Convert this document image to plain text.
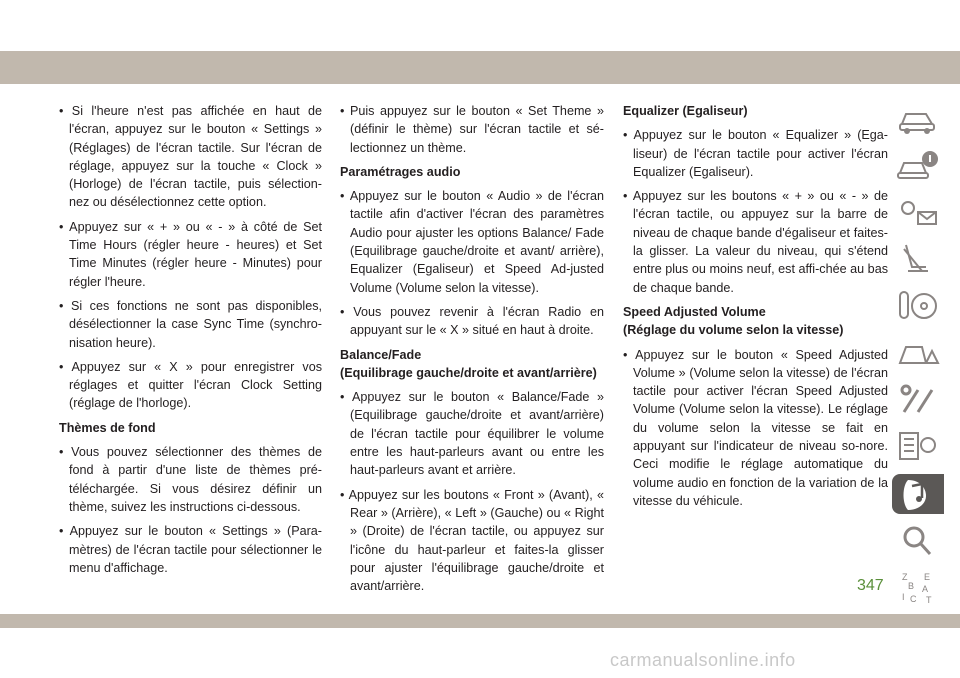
• Si l'heure n'est pas affichée en haut de l'écran, appuyez sur le bouton « Settings » (Réglages) de l'écran tactile. Sur l'écran de réglage, appuyez sur la touche « Clock » (Horloge) de l'écran tactile, puis sélection-nez ou désélectionnez cette option.

• Appuyez sur « + » ou « - » à côté de Set Time Hours (régler heure - heures) et Set Time Minutes (régler heure - Minutes) pour régler l'heure.

• Si ces fonctions ne sont pas disponibles, désélectionner la case Sync Time (synchro-nisation heure).

• Appuyez sur « X » pour enregistrer vos réglages et quitter l'écran Clock Setting (réglage de l'horloge).

Thèmes de fond

• Vous pouvez sélectionner des thèmes de fond à partir d'une liste de thèmes pré-téléchargée. Si vous désirez définir un thème, suivez les instructions ci-dessous.

• Appuyez sur le bouton « Settings » (Para-mètres) de l'écran tactile pour sélectionner le menu d'affichage.

• Puis appuyez sur le bouton « Set Theme » (définir le thème) sur l'écran tactile et sé-lectionnez un thème.

Paramétrages audio

• Appuyez sur le bouton « Audio » de l'écran tactile afin d'activer l'écran des paramètres Audio pour ajuster les options Balance/ Fade (Equilibrage gauche/droite et avant/ arrière), Equalizer (Egaliseur) et Speed Ad-justed Volume (Volume selon la vitesse).

• Vous pouvez revenir à l'écran Radio en appuyant sur le « X » situé en haut à droite.

Balance/Fade

(Equilibrage gauche/droite et avant/arrière)

• Appuyez sur le bouton « Balance/Fade » (Equilibrage gauche/droite et avant/arrière) de l'écran tactile pour équilibrer le volume entre les haut-parleurs avant ou entre les haut-parleurs avant et arrière.

• Appuyez sur les boutons « Front » (Avant), « Rear » (Arrière), « Left » (Gauche) ou « Right » (Droite) de l'écran tactile, ou appuyez sur l'icône du haut-parleur et faites-la glisser pour ajuster l'équilibrage gauche/droite et avant/arrière.

Equalizer (Egaliseur)

• Appuyez sur le bouton « Equalizer » (Ega-liseur) de l'écran tactile pour activer l'écran Equalizer (Egaliseur).

• Appuyez sur les boutons « + » ou « - » de l'écran tactile, ou appuyez sur la barre de niveau de chaque bande d'égaliseur et faites-la glisser. La valeur du niveau, qui s'étend entre plus ou moins neuf, est affi-chée au bas de chaque bande.

Speed Adjusted Volume

(Réglage du volume selon la vitesse)

• Appuyez sur le bouton « Speed Adjusted Volume » (Volume selon la vitesse) de l'écran tactile pour activer l'écran Speed Adjusted Volume (Volume selon la vitesse). Le réglage du volume selon la vitesse se fait en appuyant sur l'indicateur de niveau so-nore. Ceci modifie le réglage automatique du volume audio en fonction de la variation de la vitesse du véhicule.

Z E
B A
I C T
347
carmanualsonline.info
